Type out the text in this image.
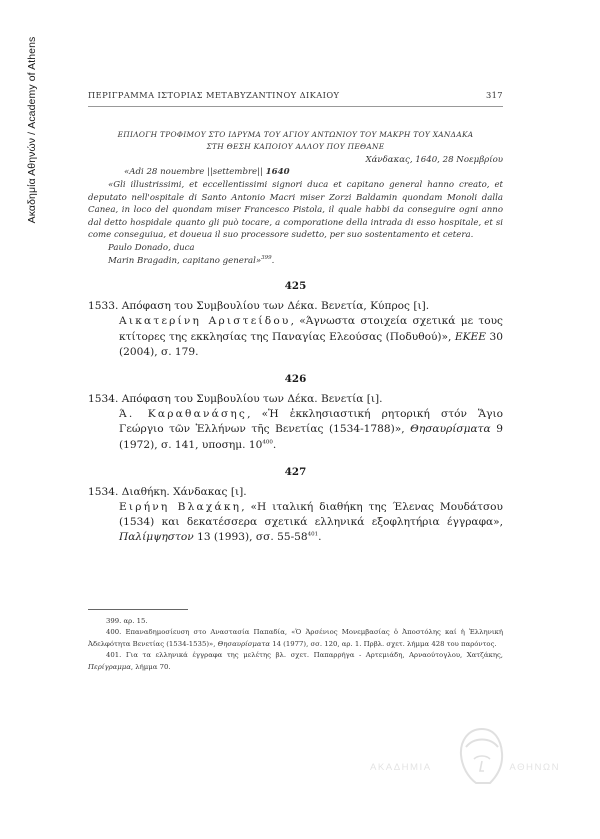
Ακαδημία Αθηνών / Academy of Athens	ΠΕΡΙΓΡΑΜΜΑ ΙΣΤΟΡΙΑΣ ΜΕΤΑΒΥΖΑΝΤΙΝΟΥ ΔΙΚΑΙΟΥ	317
ΕΠΙΛΟΓΗ ΤΡΟΦΙΜΟΥ ΣΤΟ ΙΔΡΥΜΑ ΤΟΥ ΑΓΙΟΥ ΑΝΤΩΝΙΟΥ ΤΟΥ ΜΑΚΡΗ ΤΟΥ ΧΑΝΔΑΚΑ
ΣΤΗ ΘΕΣΗ ΚΑΠΟΙΟΥ ΑΛΛΟΥ ΠΟΥ ΠΕΘΑΝΕ
Χάνδακας, 1640, 28 Νοεμβρίου
«Adi 28 nouembre ||settembre|| 1640

«Gli illustrissimi, et eccellentissimi signori duca et capitano general hanno creato, et deputato nell'ospitale di Santo Antonio Macri miser Zorzi Baldamin quondam Monoli dalla Canea, in loco del quondam miser Francesco Pistola, il quale habbi da conseguire ogni anno dal detto hospidale quanto gli può tocare, a comporatione della intrada di esso hospitale, et si come conseguiua, et doueua il suo processore sudetto, per suo sostentamento et cetera.

Paulo Donado, duca
Marin Bragadin, capitano general»$^{399}$.
425
1533. Απόφαση του Συμβουλίου των Δέκα. Βενετία, Κύπρος [ι].
Αικατερίνη Αριστείδου, «Άγνωστα στοιχεία σχετικά με τους κτίτορες της εκκλησίας της Παναγίας Ελεούσας (Ποδυθού)», ΕΚΕΕ 30 (2004), σ. 179.
426
1534. Απόφαση του Συμβουλίου των Δέκα. Βενετία [ι].
Ά. Καραθανάσης, «Ἡ ἐκκλησιαστική ρητορική στόν Ἅγιο Γεώργιο τῶν Ἑλλήνων τῆς Βενετίας (1534-1788)», Θησαυρίσματα 9 (1972), σ. 141, υποσημ. $10^{400}$.
427
1534. Διαθήκη. Χάνδακας [ι].
Ειρήνη Βλαχάκη, «Η ιταλική διαθήκη της Έλενας Μουδάτσου (1534) και δεκατέσσερα σχετικά ελληνικά εξοφλητήρια έγγραφα», Παλίμψηστον 13 (1993), σσ. $55-58^{401}$.

399. αρ. 15.

400. Επαναδημοσίευση στο Αναστασία Παπαδία, «Ὁ Ἀρσένιος Μονεμβασίας ὁ Ἀποστόλης καί ἡ Ἑλληνική Ἀδελφότητα Βενετίας (1534-1535)», Θησαυρίσματα 14 (1977), σσ. 120, αρ. 1. Πρβλ. σχετ. λήμμα 428 του παρόντος.

401. Για τα ελληνικά έγγραφα της μελέτης βλ. σχετ. Παπαρρήγα - Αρτεμιάδη, Αρναούτογλου, Χατζάκης, Περίγραμμα, λήμμα 70.

ΑΚΑΔΗΜΙΑ	ΑΘΗΝΩΝ
